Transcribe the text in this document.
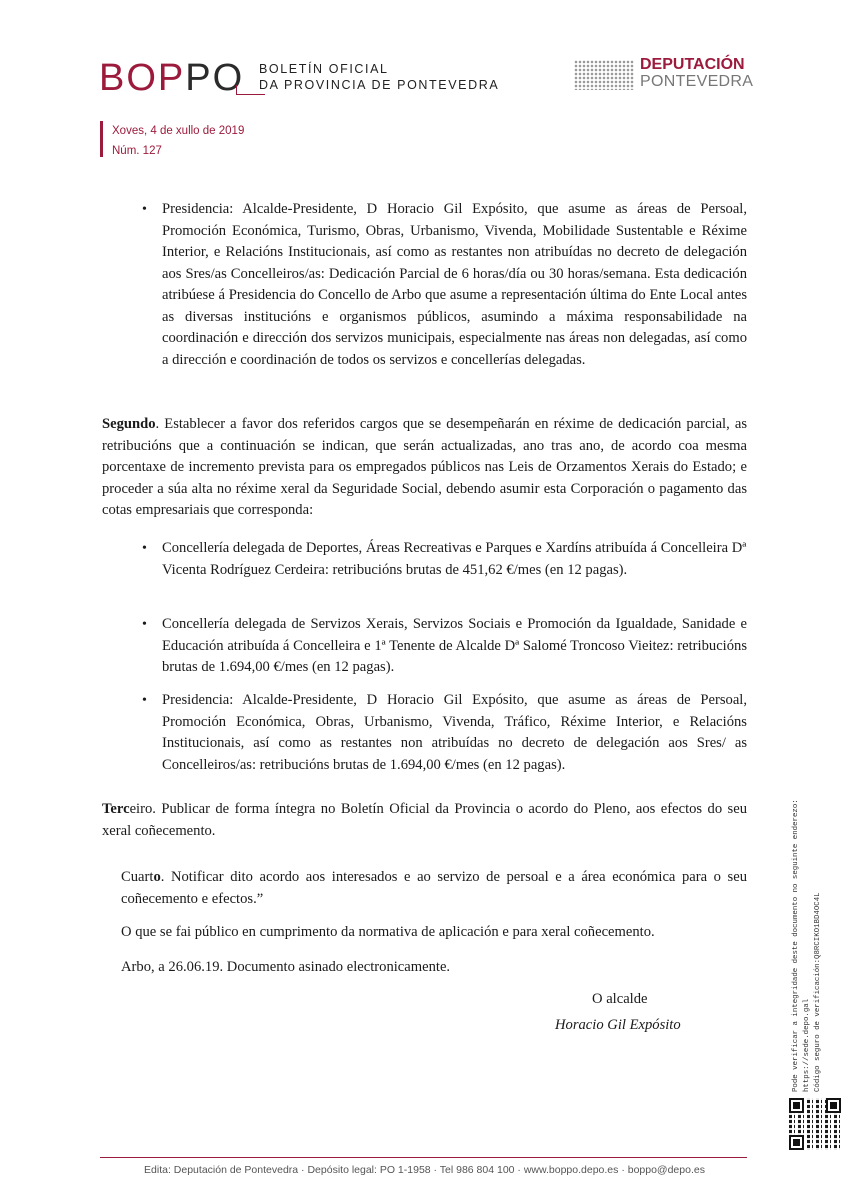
BOPPO BOLETÍN OFICIAL
DA PROVINCIA DE PONTEVEDRA
DEPUTACIÓN
PONTEVEDRA
Xoves, 4 de xullo de 2019
Núm. 127
• Presidencia: Alcalde-Presidente, D Horacio Gil Expósito, que asume as áreas de Persoal, Promoción Económica, Turismo, Obras, Urbanismo, Vivenda, Mobilidade Sustentable e Réxime Interior, e Relacións Institucionais, así como as restantes non atribuídas no decreto de delegación aos Sres/as Concelleiros/as: Dedicación Parcial de 6 horas/día ou 30 horas/semana. Esta dedicación atribúese á Presidencia do Concello de Arbo que asume a representación última do Ente Local antes as diversas institucións e organismos públicos, asumindo a máxima responsabilidade na coordinación e dirección dos servizos municipais, especialmente nas áreas non delegadas, así como a dirección e coordinación de todos os servizos e concellerías delegadas.
Segundo. Establecer a favor dos referidos cargos que se desempeñarán en réxime de dedicación parcial, as retribucións que a continuación se indican, que serán actualizadas, ano tras ano, de acordo coa mesma porcentaxe de incremento prevista para os empregados públicos nas Leis de Orzamentos Xerais do Estado; e proceder a súa alta no réxime xeral da Seguridade Social, debendo asumir esta Corporación o pagamento das cotas empresariais que corresponda:
• Concellería delegada de Deportes, Áreas Recreativas e Parques e Xardíns atribuída á Concelleira Dª Vicenta Rodríguez Cerdeira: retribucións brutas de 451,62 €/mes (en 12 pagas).
• Concellería delegada de Servizos Xerais, Servizos Sociais e Promoción da Igualdade, Sanidade e Educación atribuída á Concelleira e 1ª Tenente de Alcalde Dª Salomé Troncoso Vieitez: retribucións brutas de 1.694,00 €/mes (en 12 pagas).
• Presidencia: Alcalde-Presidente, D Horacio Gil Expósito, que asume as áreas de Persoal, Promoción Económica, Obras, Urbanismo, Vivenda, Tráfico, Réxime Interior, e Relacións Institucionais, así como as restantes non atribuídas no decreto de delegación aos Sres/ as Concelleiros/as: retribucións brutas de 1.694,00 €/mes (en 12 pagas).
Terceiro. Publicar de forma íntegra no Boletín Oficial da Provincia o acordo do Pleno, aos efectos do seu xeral coñecemento.
Cuarto. Notificar dito acordo aos interesados e ao servizo de persoal e a área económica para o seu coñecemento e efectos.”
O que se fai público en cumprimento da normativa de aplicación e para xeral coñecemento.
Arbo, a 26.06.19. Documento asinado electronicamente.
O alcalde
Horacio Gil Expósito	Pode verificar a integridade deste documento no seguinte enderezo: https://sede.depo.gal Código seguro de verificación:Q8RCIKO1BD4OC4L
Edita: Deputación de Pontevedra · Depósito legal: PO 1-1958 · Tel 986 804 100 · www.boppo.depo.es · boppo@depo.es
